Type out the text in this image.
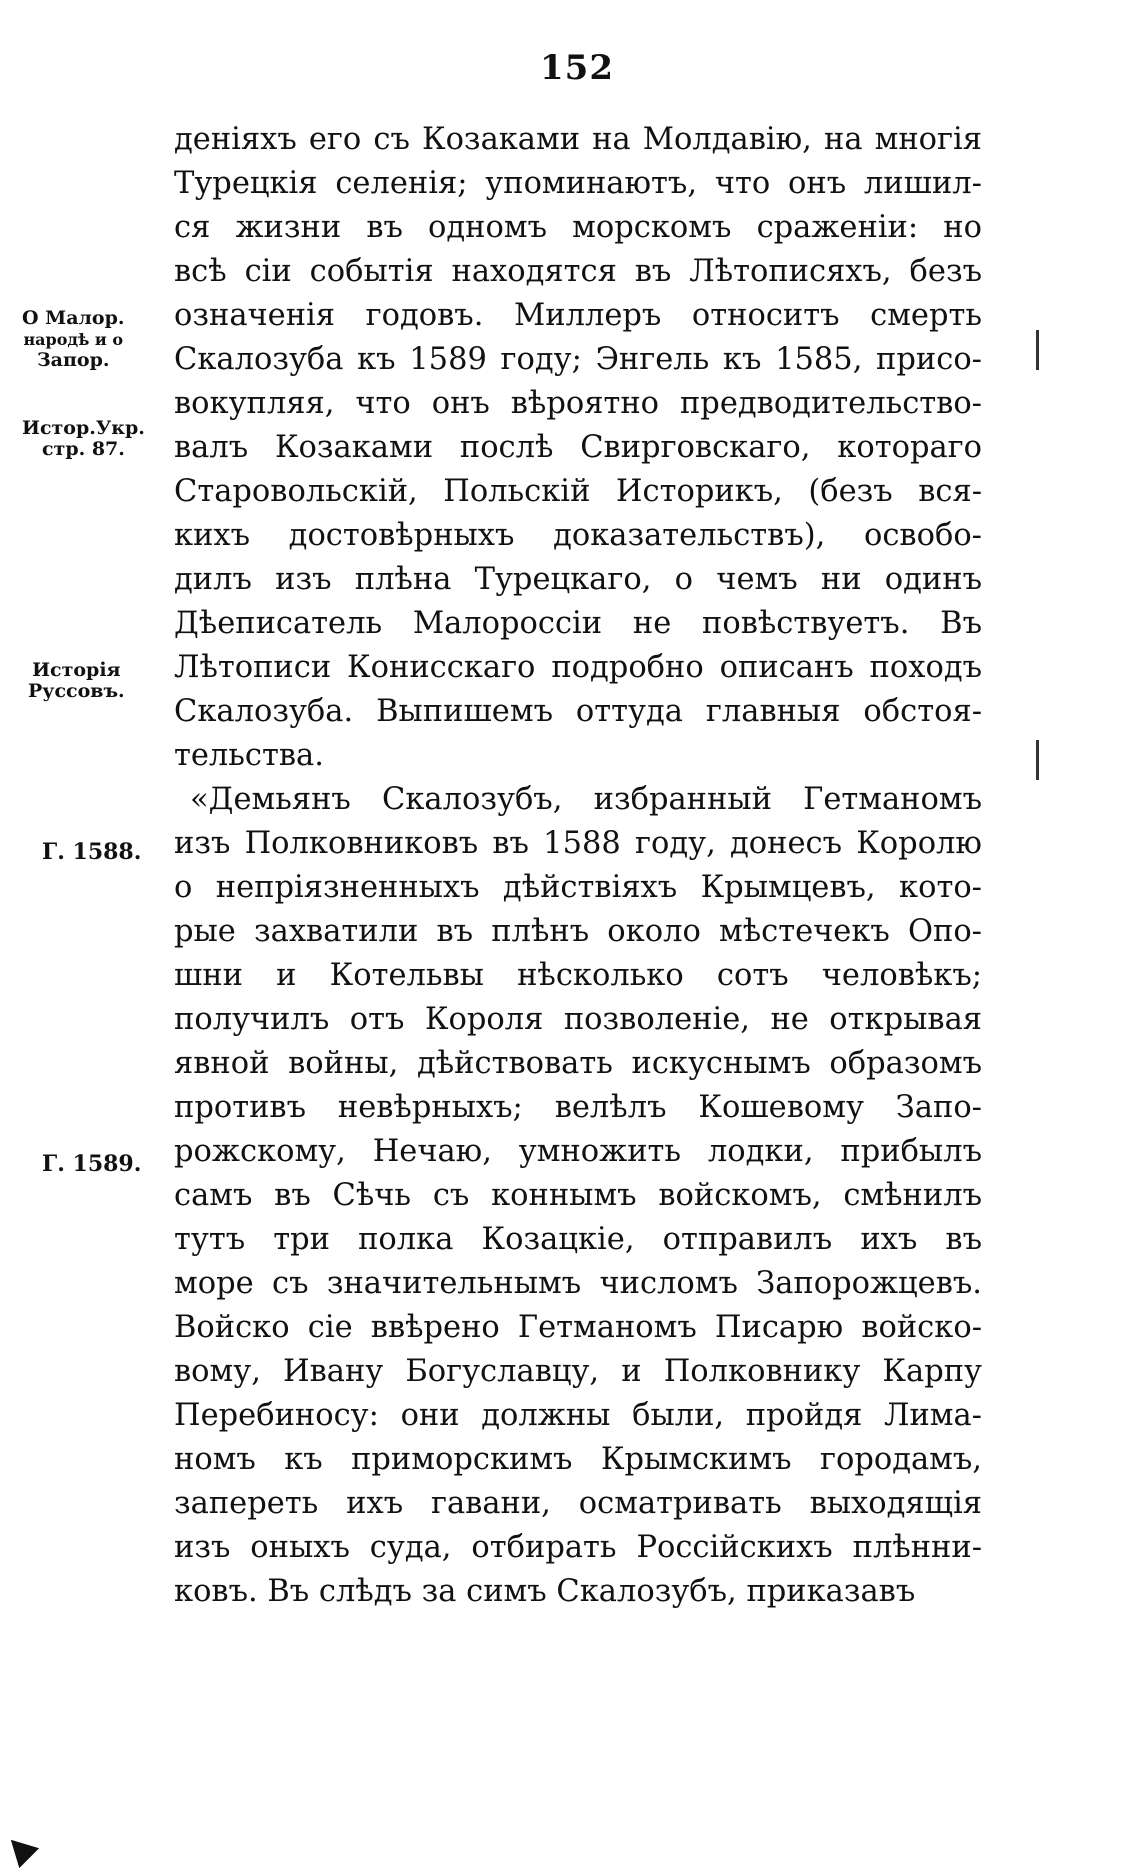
152
деніяхъ его съ Козаками на Молдавію, на многія
Турецкія селенія; упоминаютъ, что онъ лишил-
ся жизни въ одномъ морскомъ сраженіи: но
всѣ сіи событія находятся въ Лѣтописяхъ, безъ
означенія годовъ. Миллеръ относитъ смерть
Скалозуба къ 1589 году; Энгель къ 1585, присо-
вокупляя, что онъ вѣроятно предводительство-
валъ Козаками послѣ Свирговскаго, котораго
Старовольскій, Польскій Историкъ, (безъ вся-
кихъ достовѣрныхъ доказательствъ), освобо-
дилъ изъ плѣна Турецкаго, о чемъ ни одинъ
Дѣеписатель Малороссіи не повѣствуетъ. Въ
Лѣтописи Конисскаго подробно описанъ походъ
Скалозуба. Выпишемъ оттуда главныя обстоя-
тельства.
«Демьянъ Скалозубъ, избранный Гетманомъ
изъ Полковниковъ въ 1588 году, донесъ Королю
о непріязненныхъ дѣйствіяхъ Крымцевъ, кото-
рые захватили въ плѣнъ около мѣстечекъ Опо-
шни и Котельвы нѣсколько сотъ человѣкъ;
получилъ отъ Короля позволеніе, не открывая
явной войны, дѣйствовать искуснымъ образомъ
противъ невѣрныхъ; велѣлъ Кошевому Запо-
рожскому, Нечаю, умножить лодки, прибылъ
самъ въ Сѣчь съ коннымъ войскомъ, смѣнилъ
тутъ три полка Козацкіе, отправилъ ихъ въ
море съ значительнымъ числомъ Запорожцевъ.
Войско сіе ввѣрено Гетманомъ Писарю войско-
вому, Ивану Богуславцу, и Полковнику Карпу
Перебиносу: они должны были, пройдя Лима-
номъ къ приморскимъ Крымскимъ городамъ,
запереть ихъ гавани, осматривать выходящія
изъ оныхъ суда, отбирать Россійскихъ плѣнни-
ковъ. Въ слѣдъ за симъ Скалозубъ, приказавъ
О Малор.
народѣ и о
Запор.
Истор.Укр.
стр. 87.
Исторія
Руссовъ.
Г. 1588.
Г. 1589.
